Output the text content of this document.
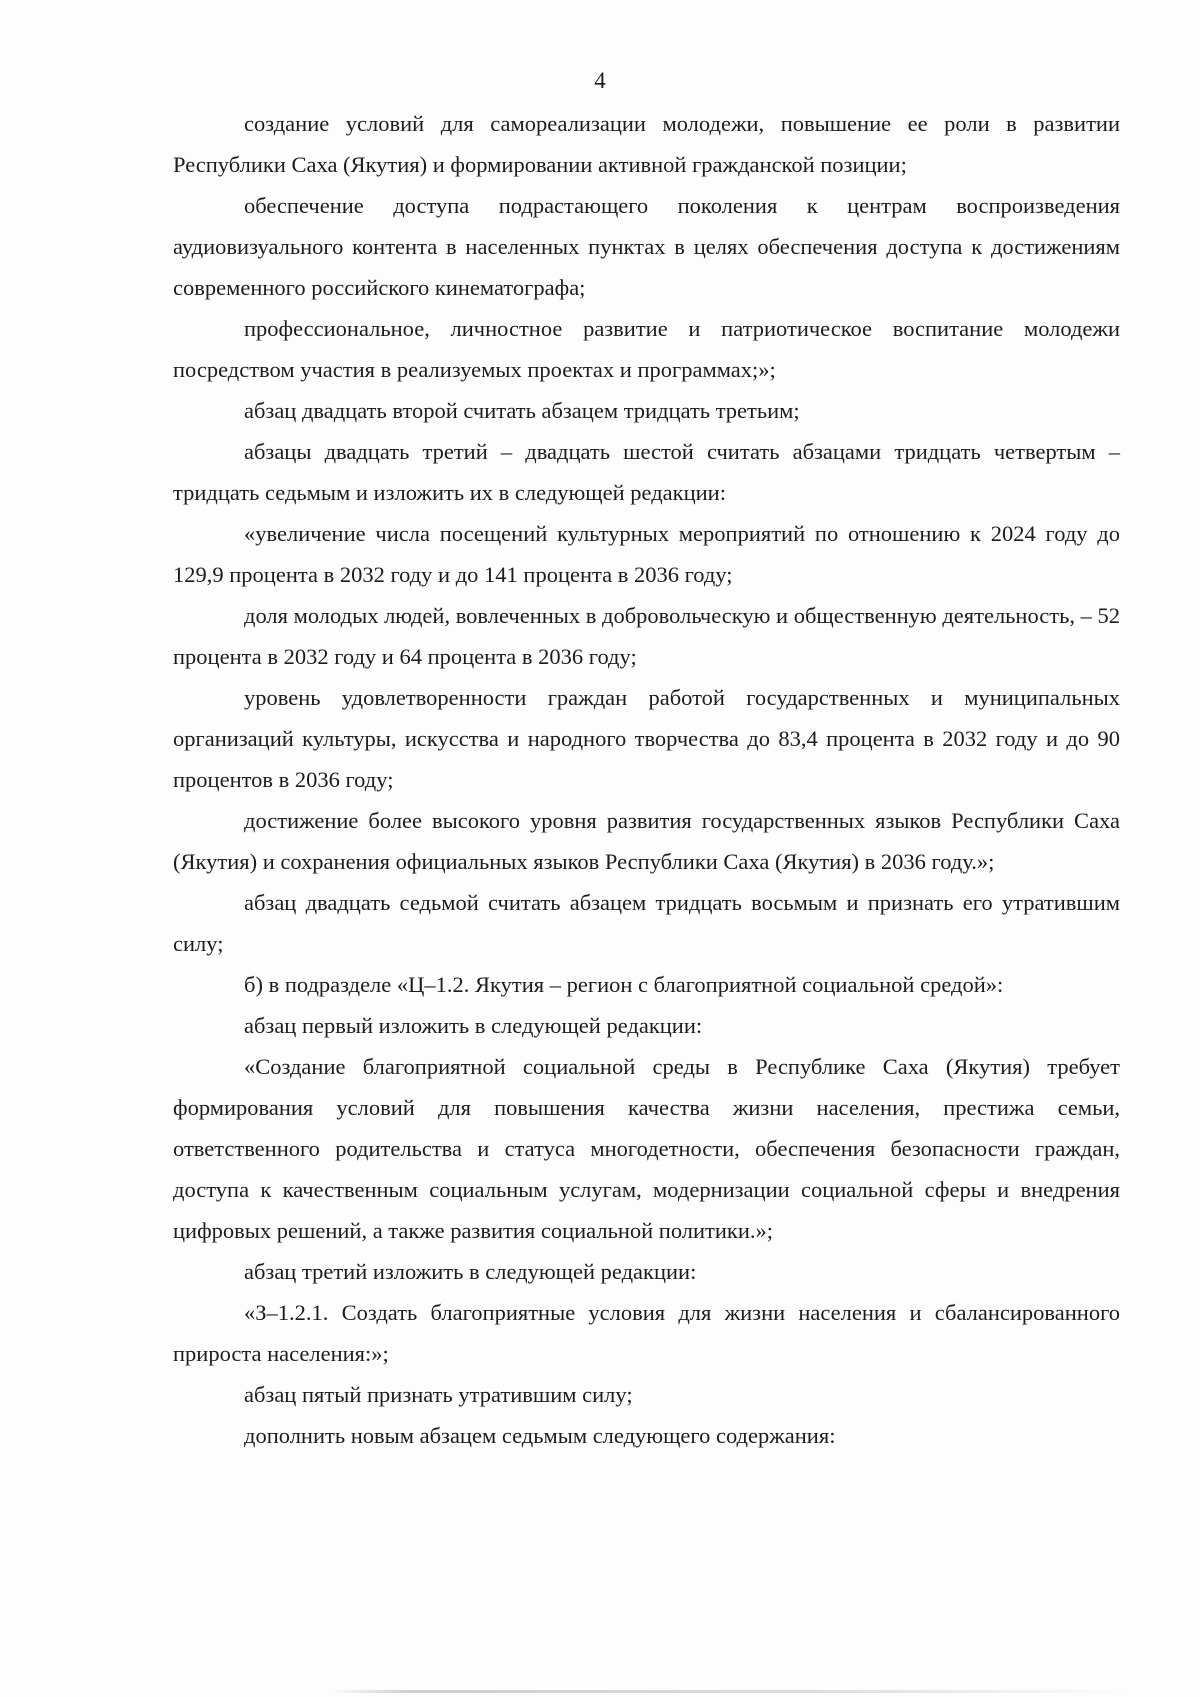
4

создание условий для самореализации молодежи, повышение ее роли в развитии Республики Саха (Якутия) и формировании активной гражданской позиции;

обеспечение доступа подрастающего поколения к центрам воспроизведения аудиовизуального контента в населенных пунктах в целях обеспечения доступа к достижениям современного российского кинематографа;

профессиональное, личностное развитие и патриотическое воспитание молодежи посредством участия в реализуемых проектах и программах;»;

абзац двадцать второй считать абзацем тридцать третьим;

абзацы двадцать третий – двадцать шестой считать абзацами тридцать четвертым – тридцать седьмым и изложить их в следующей редакции:

«увеличение числа посещений культурных мероприятий по отношению к 2024 году до 129,9 процента в 2032 году и до 141 процента в 2036 году;

доля молодых людей, вовлеченных в добровольческую и общественную деятельность, – 52 процента в 2032 году и 64 процента в 2036 году;

уровень удовлетворенности граждан работой государственных и муниципальных организаций культуры, искусства и народного творчества до 83,4 процента в 2032 году и до 90 процентов в 2036 году;

достижение более высокого уровня развития государственных языков Республики Саха (Якутия) и сохранения официальных языков Республики Саха (Якутия) в 2036 году.»;

абзац двадцать седьмой считать абзацем тридцать восьмым и признать его утратившим силу;

б) в подразделе «Ц–1.2. Якутия – регион с благоприятной социальной средой»:

абзац первый изложить в следующей редакции:

«Создание благоприятной социальной среды в Республике Саха (Якутия) требует формирования условий для повышения качества жизни населения, престижа семьи, ответственного родительства и статуса многодетности, обеспечения безопасности граждан, доступа к качественным социальным услугам, модернизации социальной сферы и внедрения цифровых решений, а также развития социальной политики.»;

абзац третий изложить в следующей редакции:

«З–1.2.1. Создать благоприятные условия для жизни населения и сбалансированного прироста населения:»;

абзац пятый признать утратившим силу;

дополнить новым абзацем седьмым следующего содержания:
